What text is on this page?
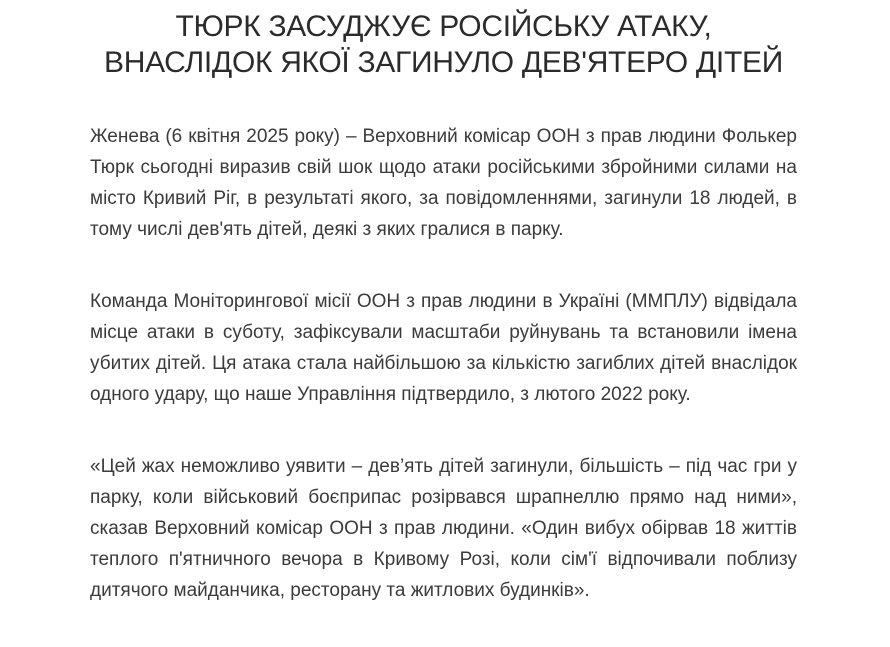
ТЮРК ЗАСУДЖУЄ РОСІЙСЬКУ АТАКУ, ВНАСЛІДОК ЯКОЇ ЗАГИНУЛО ДЕВ'ЯТЕРО ДІТЕЙ

Женева (6 квітня 2025 року) – Верховний комісар ООН з прав людини Фолькер Тюрк сьогодні виразив свій шок щодо атаки російськими збройними силами на місто Кривий Ріг, в результаті якого, за повідомленнями, загинули 18 людей, в тому числі дев'ять дітей, деякі з яких гралися в парку.

Команда Моніторингової місії ООН з прав людини в Україні (ММПЛУ) відвідала місце атаки в суботу, зафіксували масштаби руйнувань та встановили імена убитих дітей. Ця атака стала найбільшою за кількістю загиблих дітей внаслідок одного удару, що наше Управління підтвердило, з лютого 2022 року.

«Цей жах неможливо уявити – дев’ять дітей загинули, більшість – під час гри у парку, коли військовий боєприпас розірвався шрапнеллю прямо над ними», сказав Верховний комісар ООН з прав людини. «Один вибух обірвав 18 життів теплого п'ятничного вечора в Кривому Розі, коли сім'ї відпочивали поблизу дитячого майданчика, ресторану та житлових будинків».
